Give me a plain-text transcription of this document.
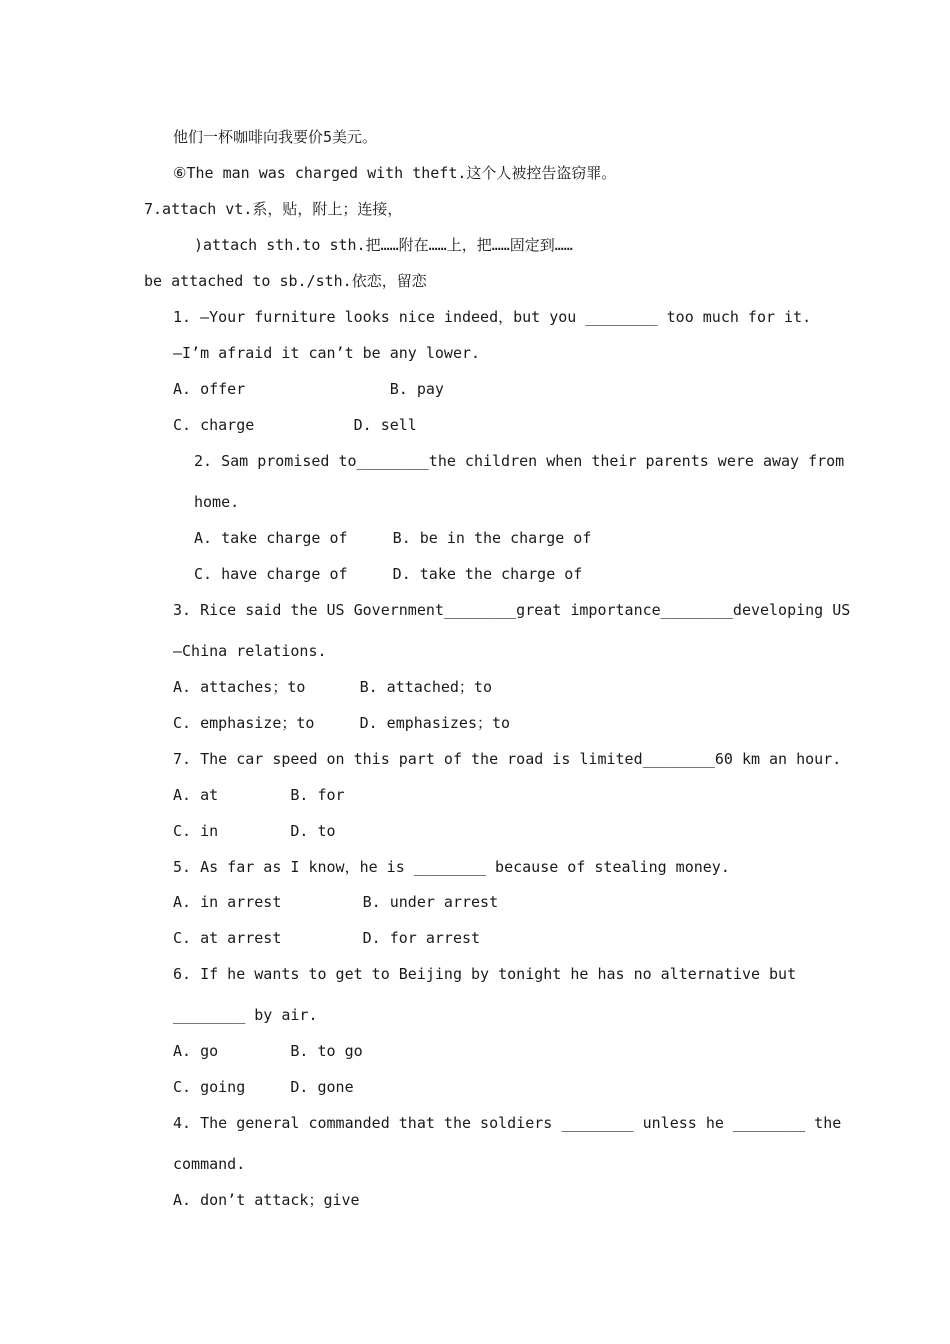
他们一杯咖啡向我要价5美元。
⑥The man was charged with theft.这个人被控告盗窃罪。
7.attach vt.系，贴，附上；连接，
)attach sth.to sth.把……附在……上，把……固定到……
be attached to sb./sth.依恋，留恋
1. —Your furniture looks nice indeed，but you ________ too much for it.
—I’m afraid it can’t be any lower.
A. offer                B. pay
C. charge           D. sell
2. Sam promised to________the children when their parents were away from
home.
A. take charge of     B. be in the charge of
C. have charge of     D. take the charge of
3. Rice said the US Government________great importance________developing US
—China relations.
A. attaches；to      B. attached；to
C. emphasize；to     D. emphasizes；to
7. The car speed on this part of the road is limited________60 km an hour.
A. at        B. for
C. in        D. to
5. As far as I know，he is ________ because of stealing money.
A. in arrest         B. under arrest
C. at arrest         D. for arrest
6. If he wants to get to Beijing by tonight he has no alternative but
________ by air.
A. go        B. to go
C. going     D. gone
4. The general commanded that the soldiers ________ unless he ________ the
command.
A. don’t attack；give
